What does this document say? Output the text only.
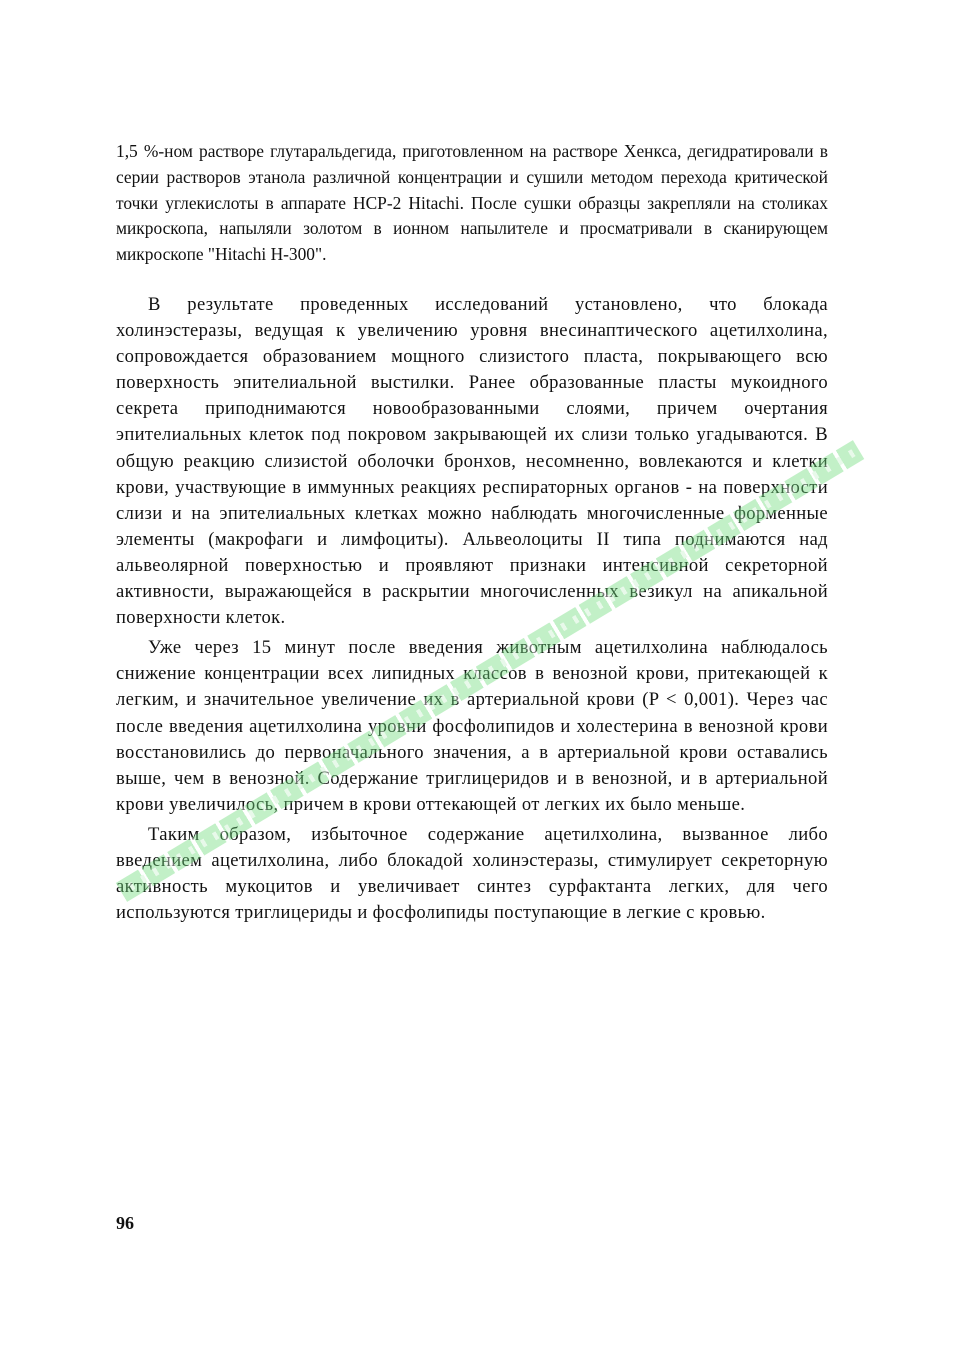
1,5 %-ном растворе глутаральдегида, приготовленном на растворе Хенкса, дегидратировали в серии растворов этанола различной концентрации и сушили методом перехода критической точки углекислоты в аппарате HCP-2 Hitachi. После сушки образцы закрепляли на столиках микроскопа, напыляли золотом в ионном напылителе и просматривали в сканирующем микроскопе "Hitachi H-300".

В результате проведенных исследований установлено, что блокада холинэстеразы, ведущая к увеличению уровня внесинаптического ацетилхолина, сопровождается образованием мощного слизистого пласта, покрывающего всю поверхность эпителиальной выстилки. Ранее образованные пласты мукоидного секрета приподнимаются новообразованными слоями, причем очертания эпителиальных клеток под покровом закрывающей их слизи только угадываются. В общую реакцию слизистой оболочки бронхов, несомненно, вовлекаются и клетки крови, участвующие в иммунных реакциях респираторных органов - на поверхности слизи и на эпителиальных клетках можно наблюдать многочисленные форменные элементы (макрофаги и лимфоциты). Альвеолоциты II типа поднимаются над альвеолярной поверхностью и проявляют признаки интенсивной секреторной активности, выражающейся в раскрытии многочисленных везикул на апикальной поверхности клеток.

Уже через 15 минут после введения животным ацетилхолина наблюдалось снижение концентрации всех липидных классов в венозной крови, притекающей к легким, и значительное увеличение их в артериальной крови (P < 0,001). Через час после введения ацетилхолина уровни фосфолипидов и холестерина в венозной крови восстановились до первоначального значения, а в артериальной крови оставались выше, чем в венозной. Содержание триглицеридов и в венозной, и в артериальной крови увеличилось, причем в крови оттекающей от легких их было меньше.

Таким образом, избыточное содержание ацетилхолина, вызванное либо введением ацетилхолина, либо блокадой холинэстеразы, стимулирует секреторную активность мукоцитов и увеличивает синтез сурфактанта легких, для чего используются триглицериды и фосфолипиды поступающие в легкие с кровью.

96
